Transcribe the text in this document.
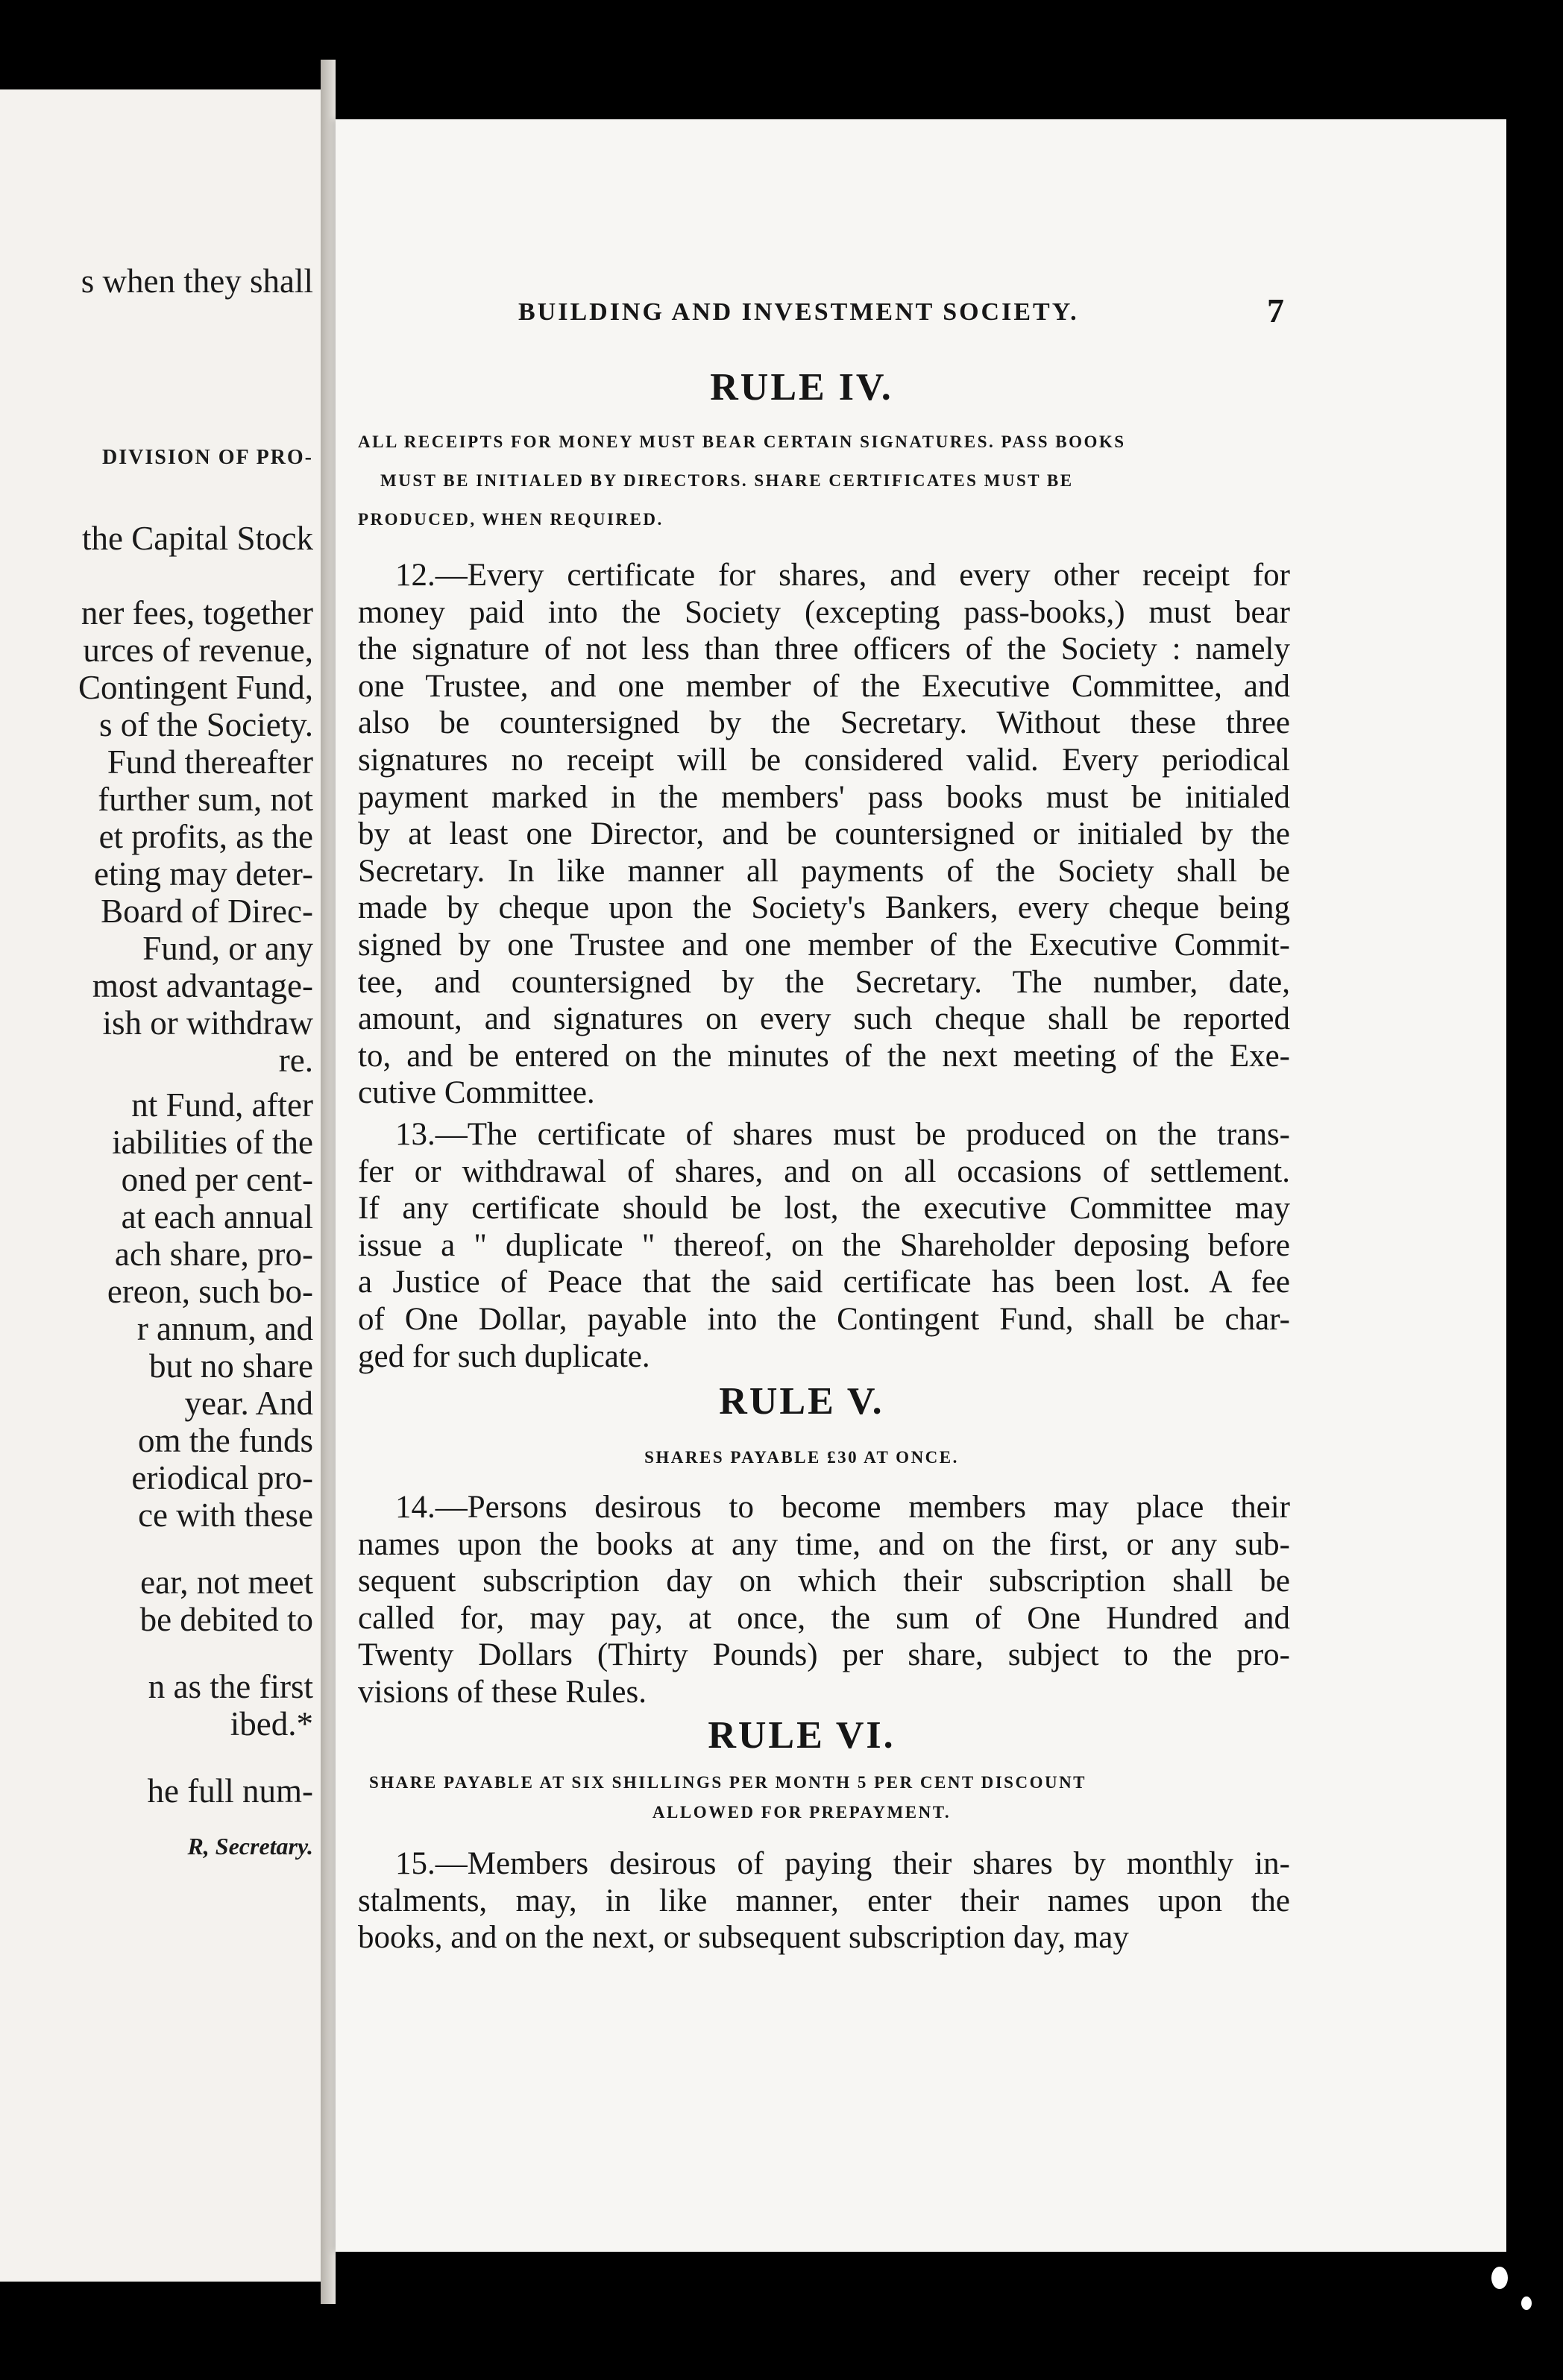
s when they shall
DIVISION OF PRO-
the Capital Stock
ner fees, together
urces of revenue,
Contingent Fund,
s of the Society.
Fund thereafter
further sum, not
et profits, as the
eting may deter-
Board of Direc-
Fund, or any
most advantage-
ish or withdraw
re.
nt Fund, after
iabilities of the
oned per cent-
at each annual
ach share, pro-
ereon, such bo-
r annum, and
but no share
year. And
om the funds
eriodical pro-
ce with these
ear, not meet
be debited to
n as the first
ibed.*
he full num-
R, Secretary.
BUILDING AND INVESTMENT SOCIETY.	7
RULE IV.
ALL RECEIPTS FOR MONEY MUST BEAR CERTAIN SIGNATURES. PASS BOOKS
MUST BE INITIALED BY DIRECTORS. SHARE CERTIFICATES MUST BE
PRODUCED, WHEN REQUIRED.
12.—Every certificate for shares, and every other receipt for
money paid into the Society (excepting pass-books,) must bear
the signature of not less than three officers of the Society : namely
one Trustee, and one member of the Executive Committee, and
also be countersigned by the Secretary. Without these three
signatures no receipt will be considered valid. Every periodical
payment marked in the members' pass books must be initialed
by at least one Director, and be countersigned or initialed by the
Secretary. In like manner all payments of the Society shall be
made by cheque upon the Society's Bankers, every cheque being
signed by one Trustee and one member of the Executive Commit-
tee, and countersigned by the Secretary. The number, date,
amount, and signatures on every such cheque shall be reported
to, and be entered on the minutes of the next meeting of the Exe-
cutive Committee.
13.—The certificate of shares must be produced on the trans-
fer or withdrawal of shares, and on all occasions of settlement.
If any certificate should be lost, the executive Committee may
issue a " duplicate " thereof, on the Shareholder deposing before
a Justice of Peace that the said certificate has been lost. A fee
of One Dollar, payable into the Contingent Fund, shall be char-
ged for such duplicate.
RULE V.
SHARES PAYABLE £30 AT ONCE.
14.—Persons desirous to become members may place their
names upon the books at any time, and on the first, or any sub-
sequent subscription day on which their subscription shall be
called for, may pay, at once, the sum of One Hundred and
Twenty Dollars (Thirty Pounds) per share, subject to the pro-
visions of these Rules.
RULE VI.
SHARE PAYABLE AT SIX SHILLINGS PER MONTH 5 PER CENT DISCOUNT
ALLOWED FOR PREPAYMENT.
15.—Members desirous of paying their shares by monthly in-
stalments, may, in like manner, enter their names upon the
books, and on the next, or subsequent subscription day, may
